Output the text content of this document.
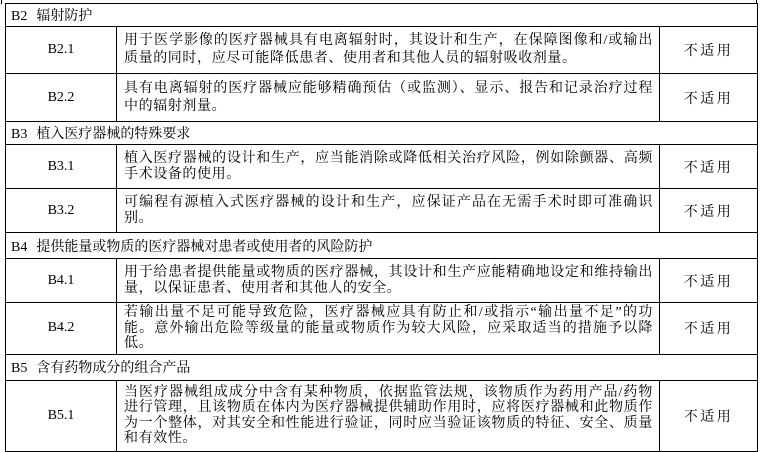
B2 辐射防护		
B2.1	用于医学影像的医疗器械具有电离辐射时，其设计和生产，在保障图像和/或输出质量的同时，应尽可能降低患者、使用者和其他人员的辐射吸收剂量。	不适用
B2.2	具有电离辐射的医疗器械应能够精确预估（或监测）、显示、报告和记录治疗过程中的辐射剂量。	不适用
B3 植入医疗器械的特殊要求		
B3.1	植入医疗器械的设计和生产，应当能消除或降低相关治疗风险，例如除颤器、高频手术设备的使用。	不适用
B3.2	可编程有源植入式医疗器械的设计和生产，应保证产品在无需手术时即可准确识别。	不适用
B4 提供能量或物质的医疗器械对患者或使用者的风险防护		
B4.1	用于给患者提供能量或物质的医疗器械，其设计和生产应能精确地设定和维持输出量，以保证患者、使用者和其他人的安全。	不适用
B4.2	若输出量不足可能导致危险，医疗器械应具有防止和/或指示“输出量不足”的功能。意外输出危险等级量的能量或物质作为较大风险，应采取适当的措施予以降低。	不适用
B5 含有药物成分的组合产品		
B5.1	当医疗器械组成成分中含有某种物质，依据监管法规，该物质作为药用产品/药物进行管理，且该物质在体内为医疗器械提供辅助作用时，应将医疗器械和此物质作为一个整体，对其安全和性能进行验证，同时应当验证该物质的特征、安全、质量和有效性。	不适用
